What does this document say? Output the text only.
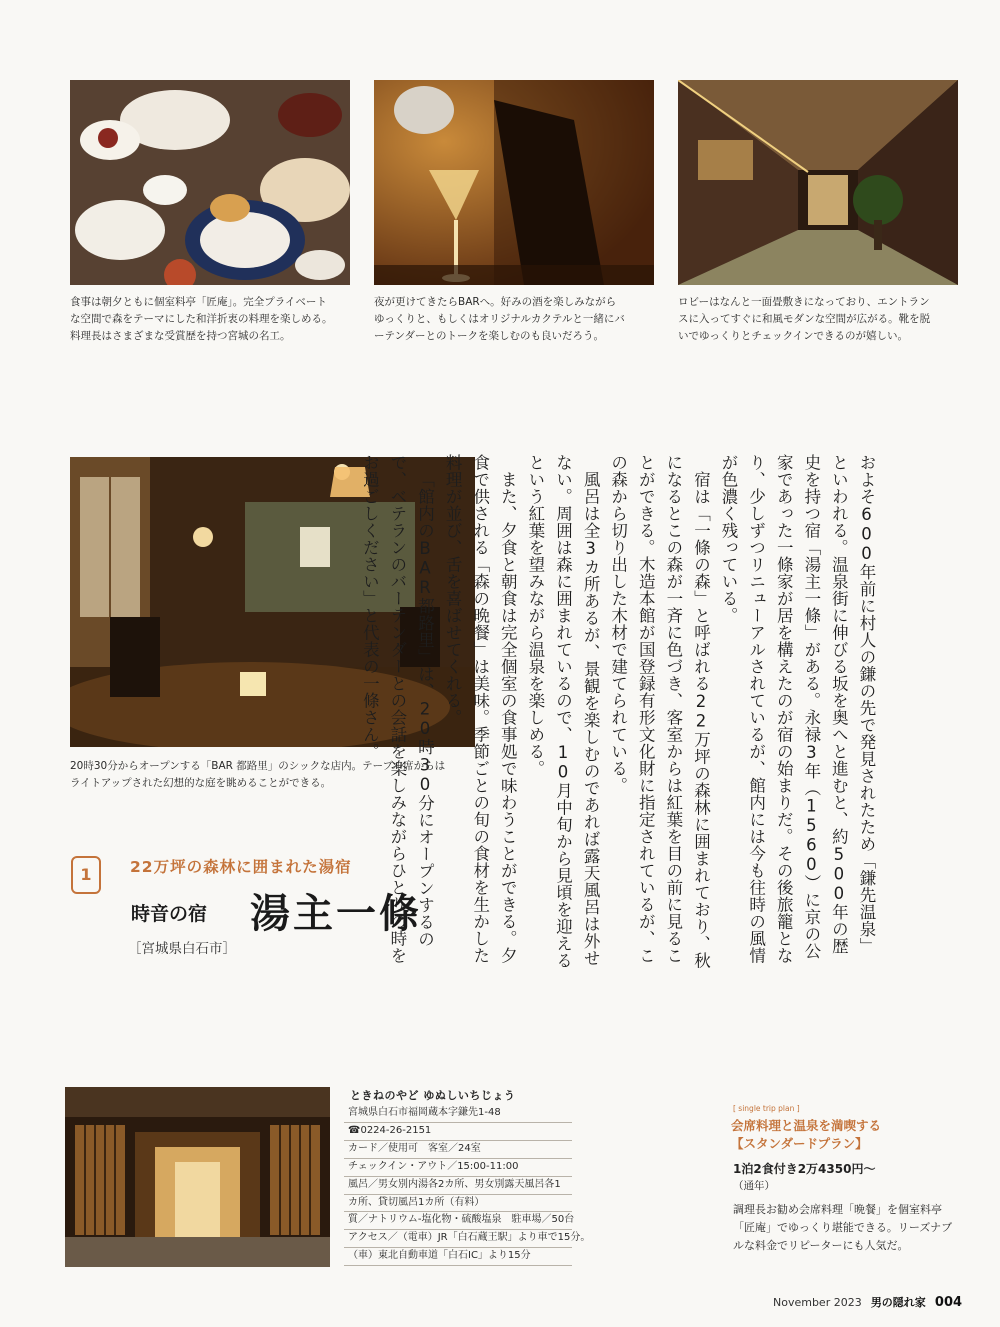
食事は朝夕ともに個室料亭「匠庵」。完全プライベート
な空間で森をテーマにした和洋折衷の料理を楽しめる。
料理長はさまざまな受賞歴を持つ宮城の名工。

夜が更けてきたらBARへ。好みの酒を楽しみながら
ゆっくりと、もしくはオリジナルカクテルと一緒にバ
ーテンダーとのトークを楽しむのも良いだろう。

ロビーはなんと一面畳敷きになっており、エントラン
スに入ってすぐに和風モダンな空間が広がる。靴を脱
いでゆっくりとチェックインできるのが嬉しい。

20時30分からオープンする「BAR 都路里」のシックな店内。テーブル席からは
ライトアップされた幻想的な庭を眺めることができる。	およそ600年前に村人の鎌の先で発見されたため「鎌先温泉」といわれる。温泉街に伸びる坂を奥へと進むと、約500年の歴史を持つ宿「湯主一條」がある。永禄3年（1560）に京の公家であった一條家が居を構えたのが宿の始まりだ。その後旅籠となり、少しずつリニューアルされているが、館内には今も往時の風情が色濃く残っている。

宿は「一條の森」と呼ばれる22万坪の森林に囲まれており、秋になるとこの森が一斉に色づき、客室からは紅葉を目の前に見ることができる。木造本館が国登録有形文化財に指定されているが、この森から切り出した木材で建てられている。

風呂は全3カ所あるが、景観を楽しむのであれば露天風呂は外せない。周囲は森に囲まれているので、10月中旬から見頃を迎えるという紅葉を望みながら温泉を楽しめる。

また、夕食と朝食は完全個室の食事処で味わうことができる。夕食で供される「森の晩餐」は美味。季節ごとの旬の食材を生かした料理が並び、舌を喜ばせてくれる。

「館内のBAR都路里」は、20時30分にオープンするので、ベテランのバーテンダーとの会話を楽しみながらひとりの時をお過ごしください」と代表の一條さん。

1	22万坪の森林に囲まれた湯宿
時音の宿 湯主一條
［宮城県白石市］
ときねのやど ゆぬしいちじょう
宮城県白石市福岡蔵本字鎌先1-48
☎0224-26-2151
カード／使用可　客室／24室
チェックイン・アウト／15:00-11:00
風呂／男女別内湯各2カ所、男女別露天風呂各1
カ所、貸切風呂1カ所（有料）
質／ナトリウム-塩化物・硫酸塩泉　駐車場／50台
アクセス／（電車）JR「白石蔵王駅」より車で15分。
（車）東北自動車道「白石IC」より15分
[ single trip plan ]
会席料理と温泉を満喫する
【スタンダードプラン】
1泊2食付き2万4350円～
（通年）

調理長お勧め会席料理「晩餐」を個室料亭
「匠庵」でゆっくり堪能できる。リーズナブ
ルな料金でリピーターにも人気だ。

November 2023 男の隠れ家 004
